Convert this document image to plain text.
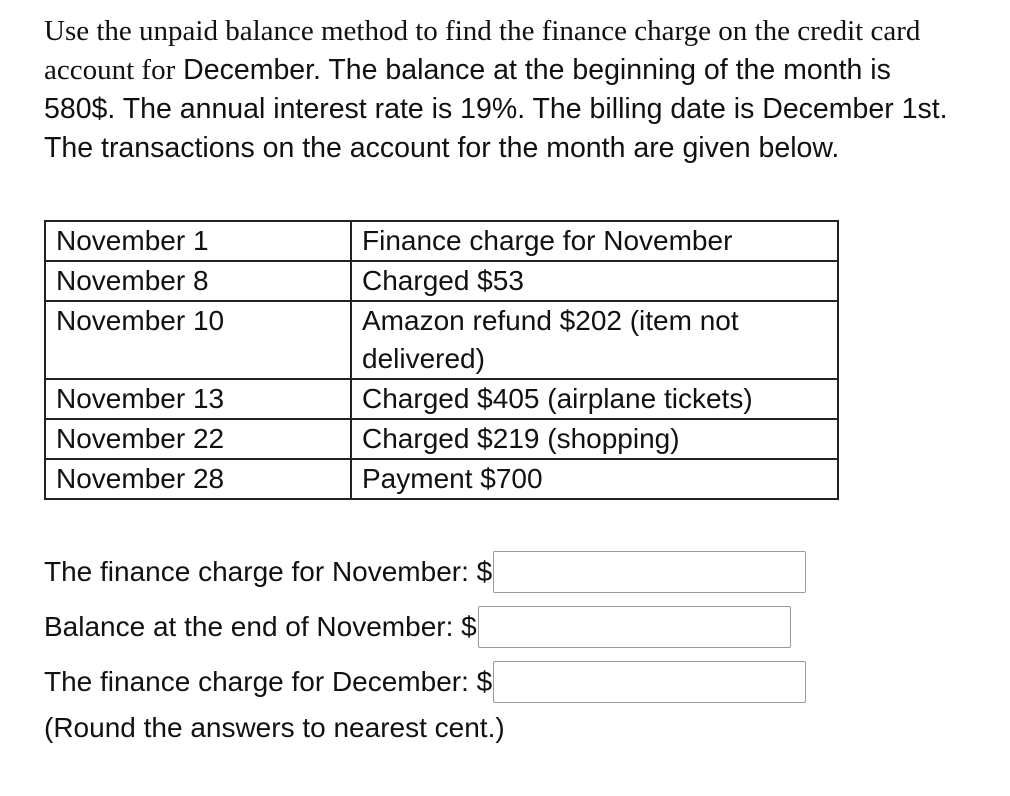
Use the unpaid balance method to find the finance charge on the credit card account for December. The balance at the beginning of the month is 580$. The annual interest rate is 19%. The billing date is December 1st. The transactions on the account for the month are given below.

November 1	Finance charge for November
November 8	Charged $53
November 10	Amazon refund $202 (item not delivered)
November 13	Charged $405 (airplane tickets)
November 22	Charged $219 (shopping)
November 28	Payment $700
The finance charge for November: $
Balance at the end of November: $
The finance charge for December: $
(Round the answers to nearest cent.)
